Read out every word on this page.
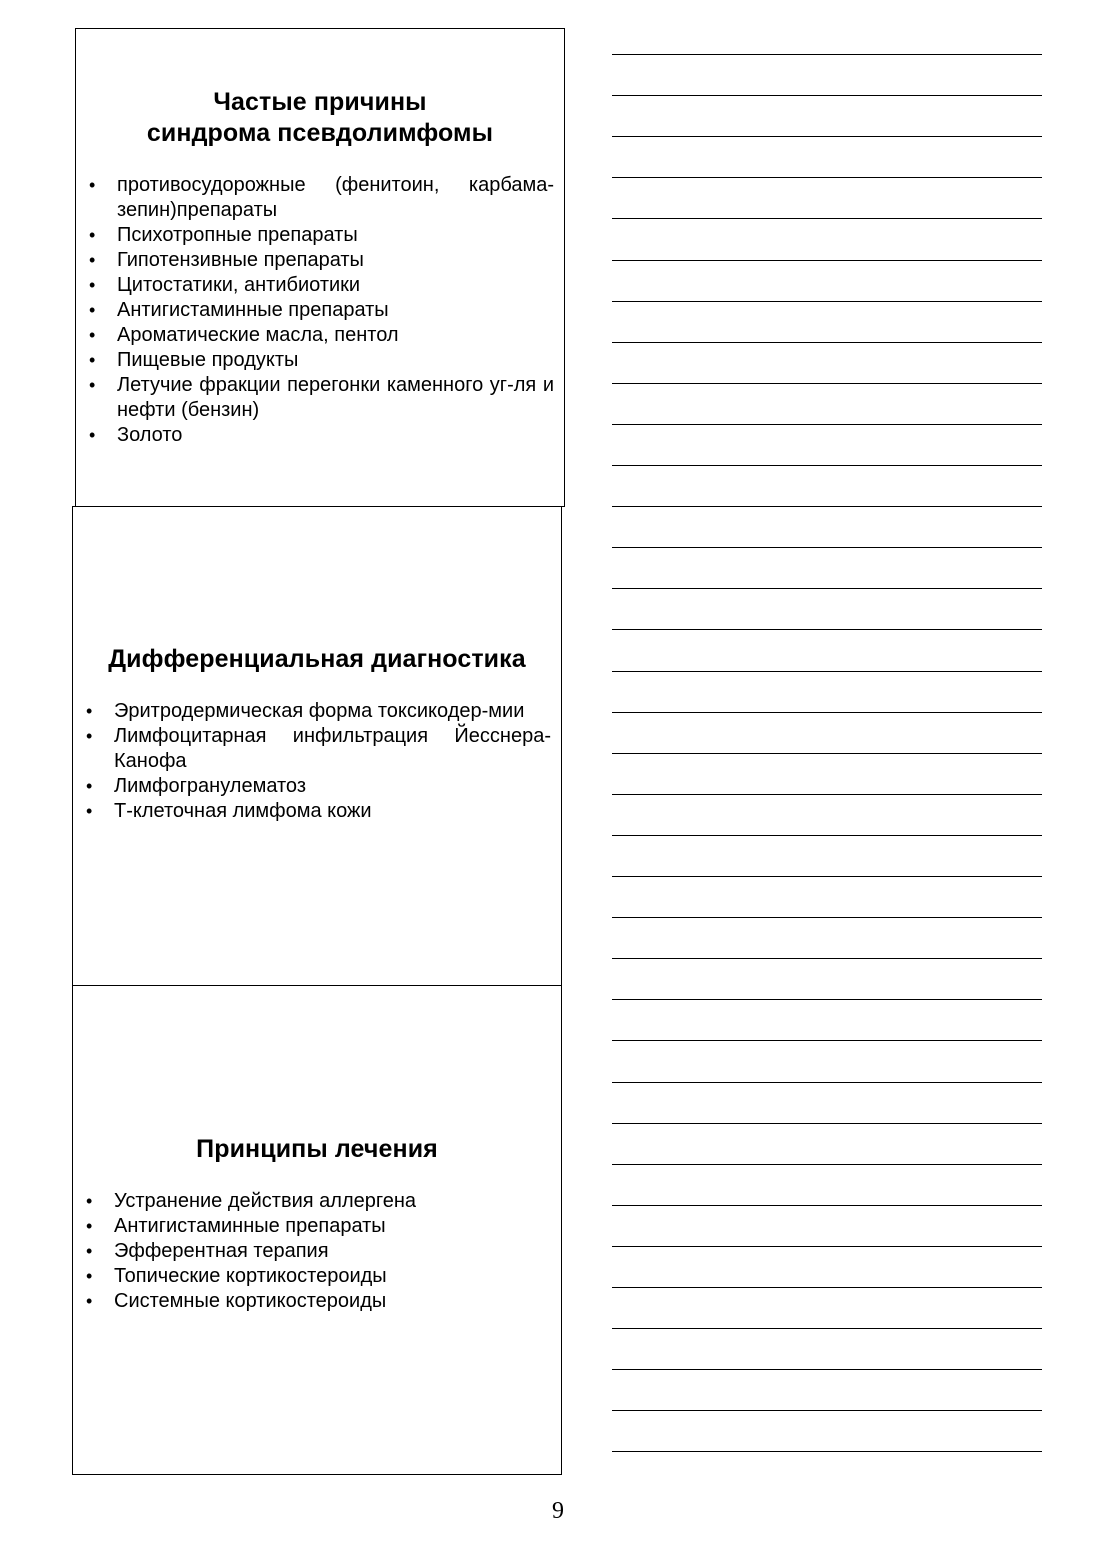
Частые причины
синдрома псевдолимфомы
• противосудорожные (фенитоин, карбама-зепин)препараты
• Психотропные препараты
• Гипотензивные препараты
• Цитостатики, антибиотики
• Антигистаминные препараты
• Ароматические масла, пентол
• Пищевые продукты
• Летучие фракции перегонки каменного уг-ля и нефти (бензин)
• Золото
Дифференциальная диагностика
• Эритродермическая форма токсикодер-мии
• Лимфоцитарная инфильтрация Йесснера-Канофа
• Лимфогранулематоз
• Т-клеточная лимфома кожи
Принципы лечения
• Устранение действия аллергена
• Антигистаминные препараты
• Эфферентная терапия
• Топические кортикостероиды
• Системные кортикостероиды
9
